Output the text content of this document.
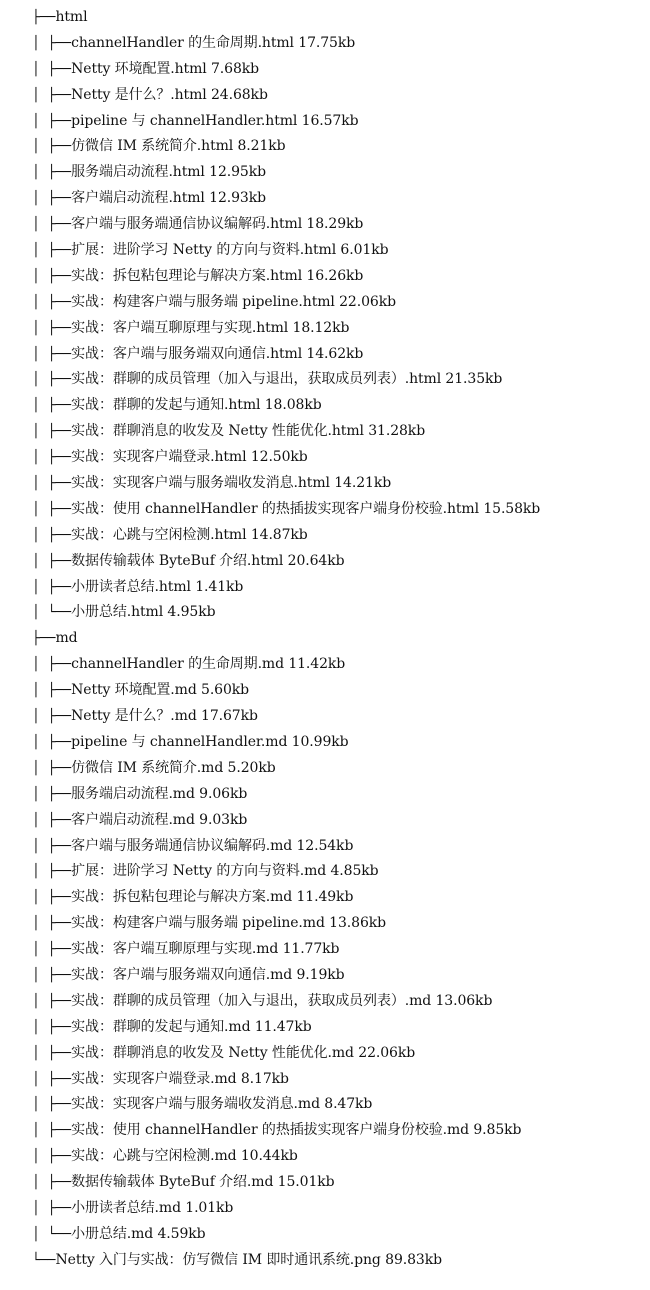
├──html
│ ├──channelHandler 的生命周期.html 17.75kb
│ ├──Netty 环境配置.html 7.68kb
│ ├──Netty 是什么？.html 24.68kb
│ ├──pipeline 与 channelHandler.html 16.57kb
│ ├──仿微信 IM 系统简介.html 8.21kb
│ ├──服务端启动流程.html 12.95kb
│ ├──客户端启动流程.html 12.93kb
│ ├──客户端与服务端通信协议编解码.html 18.29kb
│ ├──扩展：进阶学习 Netty 的方向与资料.html 6.01kb
│ ├──实战：拆包粘包理论与解决方案.html 16.26kb
│ ├──实战：构建客户端与服务端 pipeline.html 22.06kb
│ ├──实战：客户端互聊原理与实现.html 18.12kb
│ ├──实战：客户端与服务端双向通信.html 14.62kb
│ ├──实战：群聊的成员管理（加入与退出，获取成员列表）.html 21.35kb
│ ├──实战：群聊的发起与通知.html 18.08kb
│ ├──实战：群聊消息的收发及 Netty 性能优化.html 31.28kb
│ ├──实战：实现客户端登录.html 12.50kb
│ ├──实战：实现客户端与服务端收发消息.html 14.21kb
│ ├──实战：使用 channelHandler 的热插拔实现客户端身份校验.html 15.58kb
│ ├──实战：心跳与空闲检测.html 14.87kb
│ ├──数据传输载体 ByteBuf 介绍.html 20.64kb
│ ├──小册读者总结.html 1.41kb
│ └──小册总结.html 4.95kb
├──md
│ ├──channelHandler 的生命周期.md 11.42kb
│ ├──Netty 环境配置.md 5.60kb
│ ├──Netty 是什么？.md 17.67kb
│ ├──pipeline 与 channelHandler.md 10.99kb
│ ├──仿微信 IM 系统简介.md 5.20kb
│ ├──服务端启动流程.md 9.06kb
│ ├──客户端启动流程.md 9.03kb
│ ├──客户端与服务端通信协议编解码.md 12.54kb
│ ├──扩展：进阶学习 Netty 的方向与资料.md 4.85kb
│ ├──实战：拆包粘包理论与解决方案.md 11.49kb
│ ├──实战：构建客户端与服务端 pipeline.md 13.86kb
│ ├──实战：客户端互聊原理与实现.md 11.77kb
│ ├──实战：客户端与服务端双向通信.md 9.19kb
│ ├──实战：群聊的成员管理（加入与退出，获取成员列表）.md 13.06kb
│ ├──实战：群聊的发起与通知.md 11.47kb
│ ├──实战：群聊消息的收发及 Netty 性能优化.md 22.06kb
│ ├──实战：实现客户端登录.md 8.17kb
│ ├──实战：实现客户端与服务端收发消息.md 8.47kb
│ ├──实战：使用 channelHandler 的热插拔实现客户端身份校验.md 9.85kb
│ ├──实战：心跳与空闲检测.md 10.44kb
│ ├──数据传输载体 ByteBuf 介绍.md 15.01kb
│ ├──小册读者总结.md 1.01kb
│ └──小册总结.md 4.59kb
└──Netty 入门与实战：仿写微信 IM 即时通讯系统.png 89.83kb
